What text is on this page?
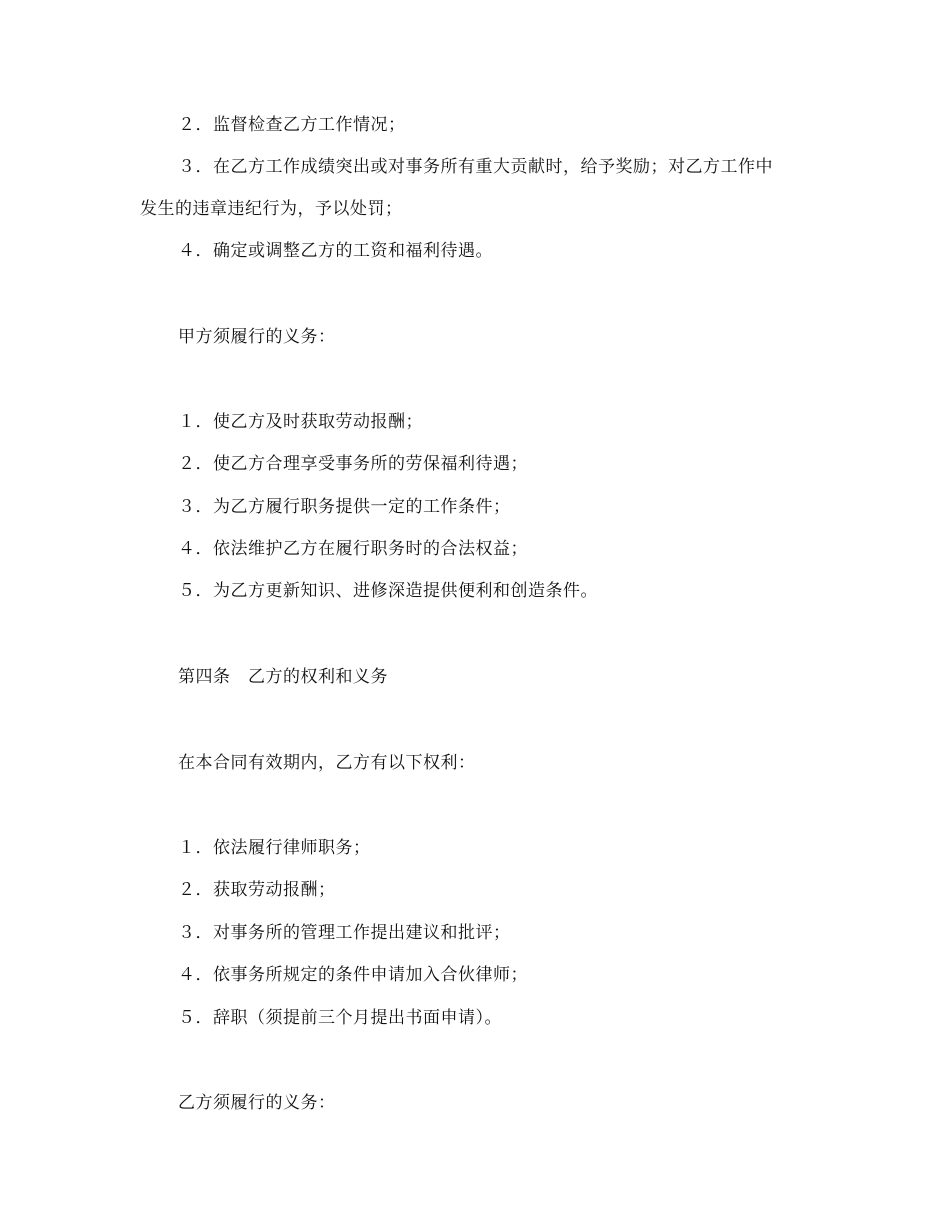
２．监督检查乙方工作情况；
３．在乙方工作成绩突出或对事务所有重大贡献时，给予奖励；对乙方工作中
发生的违章违纪行为，予以处罚；
４．确定或调整乙方的工资和福利待遇。
甲方须履行的义务：
１．使乙方及时获取劳动报酬；
２．使乙方合理享受事务所的劳保福利待遇；
３．为乙方履行职务提供一定的工作条件；
４．依法维护乙方在履行职务时的合法权益；
５．为乙方更新知识、进修深造提供便利和创造条件。
第四条　乙方的权利和义务
在本合同有效期内，乙方有以下权利：
１．依法履行律师职务；
２．获取劳动报酬；
３．对事务所的管理工作提出建议和批评；
４．依事务所规定的条件申请加入合伙律师；
５．辞职（须提前三个月提出书面申请）。
乙方须履行的义务：
